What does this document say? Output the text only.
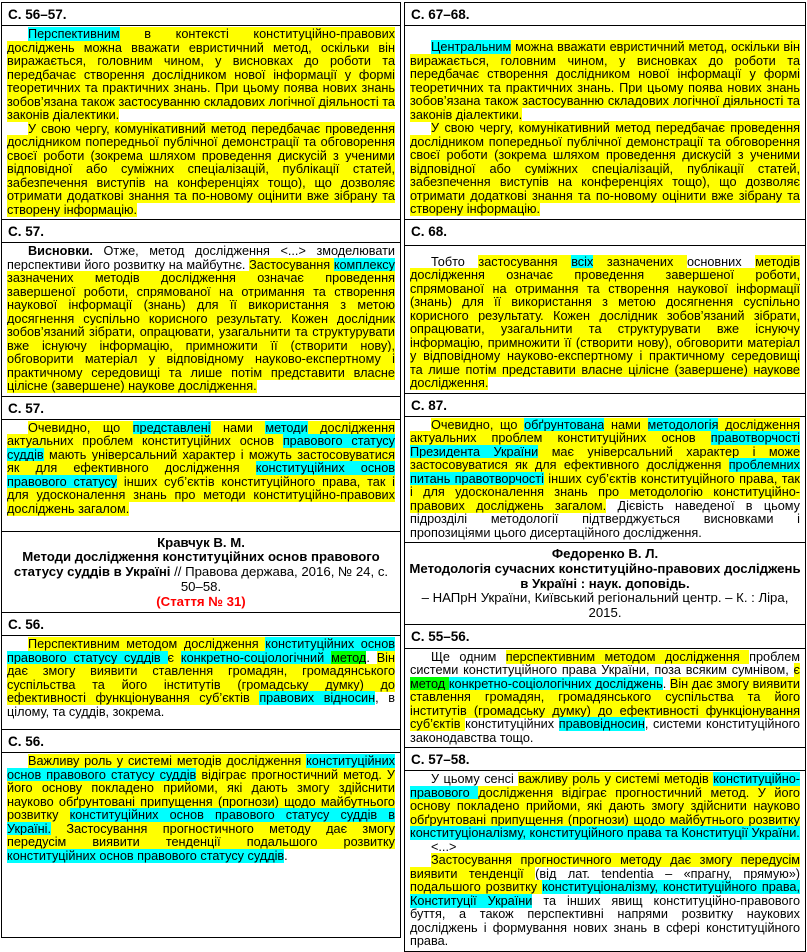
С. 56–57.

Перспективним в контексті конституційно-правових досліджень можна вважати евристичний метод, оскільки він виражається, головним чином, у висновках до роботи та передбачає створення дослідником нової інформації у формі теоретичних та практичних знань. При цьому поява нових знань зобов’язана також застосуванню складових логічної діяльності та законів діалектики.

У свою чергу, комунікативний метод передбачає проведення дослідником попередньої публічної демонстрації та обговорення своєї роботи (зокрема шляхом проведення дискусій з ученими відповідної або суміжних спеціалізацій, публікації статей, забезпечення виступів на конференціях тощо), що дозволяє отримати додаткові знання та по-новому оцінити вже зібрану та створену інформацію.

С. 57.

Висновки. Отже, метод дослідження <...> змоделювати перспективи його розвитку на майбутнє. Застосування комплексу зазначених методів дослідження означає проведення завершеної роботи, спрямованої на отримання та створення наукової інформації (знань) для її використання з метою досягнення суспільно корисного результату. Кожен дослідник зобов’язаний зібрати, опрацювати, узагальнити та структурувати вже існуючу інформацію, примножити її (створити нову), обговорити матеріал у відповідному науково-експертному і практичному середовищі та лише потім представити власне цілісне (завершене) наукове дослідження.

С. 57.

Очевидно, що представлені нами методи дослідження актуальних проблем конституційних основ правового статусу суддів мають універсальний характер і можуть застосовуватися як для ефективного дослідження конституційних основ правового статусу інших суб’єктів конституційного права, так і для удосконалення знань про методи конституційно-правових досліджень загалом.

Кравчук В. М.
Методи дослідження конституційних основ правового статусу суддів в Україні // Правова держава, 2016, № 24, с. 50–58.
(Стаття № 31)
С. 56.

Перспективним методом дослідження конституційних основ правового статусу суддів є конкретно-соціологічний метод. Він дає змогу виявити ставлення громадян, громадянського суспільства та його інститутів (громадську думку) до ефективності функціонування суб’єктів правових відносин, в цілому, та суддів, зокрема.

С. 56.

Важливу роль у системі методів дослідження конституційних основ правового статусу суддів відіграє прогностичний метод. У його основу покладено прийоми, які дають змогу здійснити науково обґрунтовані припущення (прогнози) щодо майбутнього розвитку конституційних основ правового статусу суддів в Україні. Застосування прогностичного методу дає змогу передусім виявити тенденції подальшого розвитку конституційних основ правового статусу суддів.

С. 67–68.

Центральним можна вважати евристичний метод, оскільки він виражається, головним чином, у висновках до роботи та передбачає створення дослідником нової інформації у формі теоретичних та практичних знань. При цьому поява нових знань зобов’язана також застосуванню складових логічної діяльності та законів діалектики.

У свою чергу, комунікативний метод передбачає проведення дослідником попередньої публічної демонстрації та обговорення своєї роботи (зокрема шляхом проведення дискусій з ученими відповідної або суміжних спеціалізацій, публікації статей, забезпечення виступів на конференціях тощо), що дозволяє отримати додаткові знання та по-новому оцінити вже зібрану та створену інформацію.

С. 68.

Тобто застосування всіх зазначених основних методів дослідження означає проведення завершеної роботи, спрямованої на отримання та створення наукової інформації (знань) для її використання з метою досягнення суспільно корисного результату. Кожен дослідник зобов’язаний зібрати, опрацювати, узагальнити та структурувати вже існуючу інформацію, примножити її (створити нову), обговорити матеріал у відповідному науково-експертному і практичному середовищі та лише потім представити власне цілісне (завершене) наукове дослідження.

С. 87.

Очевидно, що обґрунтована нами методологія дослідження актуальних проблем конституційних основ правотворчості Президента України має універсальний характер і може застосовуватися як для ефективного дослідження проблемних питань правотворчості інших суб’єктів конституційного права, так і для удосконалення знань про методологію конституційно-правових досліджень загалом. Дієвість наведеної в цьому підрозділі методології підтверджується висновками і пропозиціями цього дисертаційного дослідження.

Федоренко В. Л.
Методологія сучасних конституційно-правових досліджень в Україні : наук. доповідь.
– НАПрН України, Київський регіональний центр. – К. : Ліра, 2015.
С. 55–56.

Ще одним перспективним методом дослідження проблем системи конституційного права України, поза всяким сумнівом, є метод конкретно-соціологічних досліджень. Він дає змогу виявити ставлення громадян, громадянського суспільства та його інститутів (громадську думку) до ефективності функціонування суб’єктів конституційних правовідносин, системи конституційного законодавства тощо.

С. 57–58.

У цьому сенсі важливу роль у системі методів конституційно-правового дослідження відіграє прогностичний метод. У його основу покладено прийоми, які дають змогу здійснити науково обґрунтовані припущення (прогнози) щодо майбутнього розвитку конституціоналізму, конституційного права та Конституції України.

<...>

Застосування прогностичного методу дає змогу передусім виявити тенденції (від лат. tendentia – «прагну, прямую») подальшого розвитку конституціоналізму, конституційного права, Конституції України та інших явищ конституційно-правового буття, а також перспективні напрями розвитку наукових досліджень і формування нових знань в сфері конституційного права.
